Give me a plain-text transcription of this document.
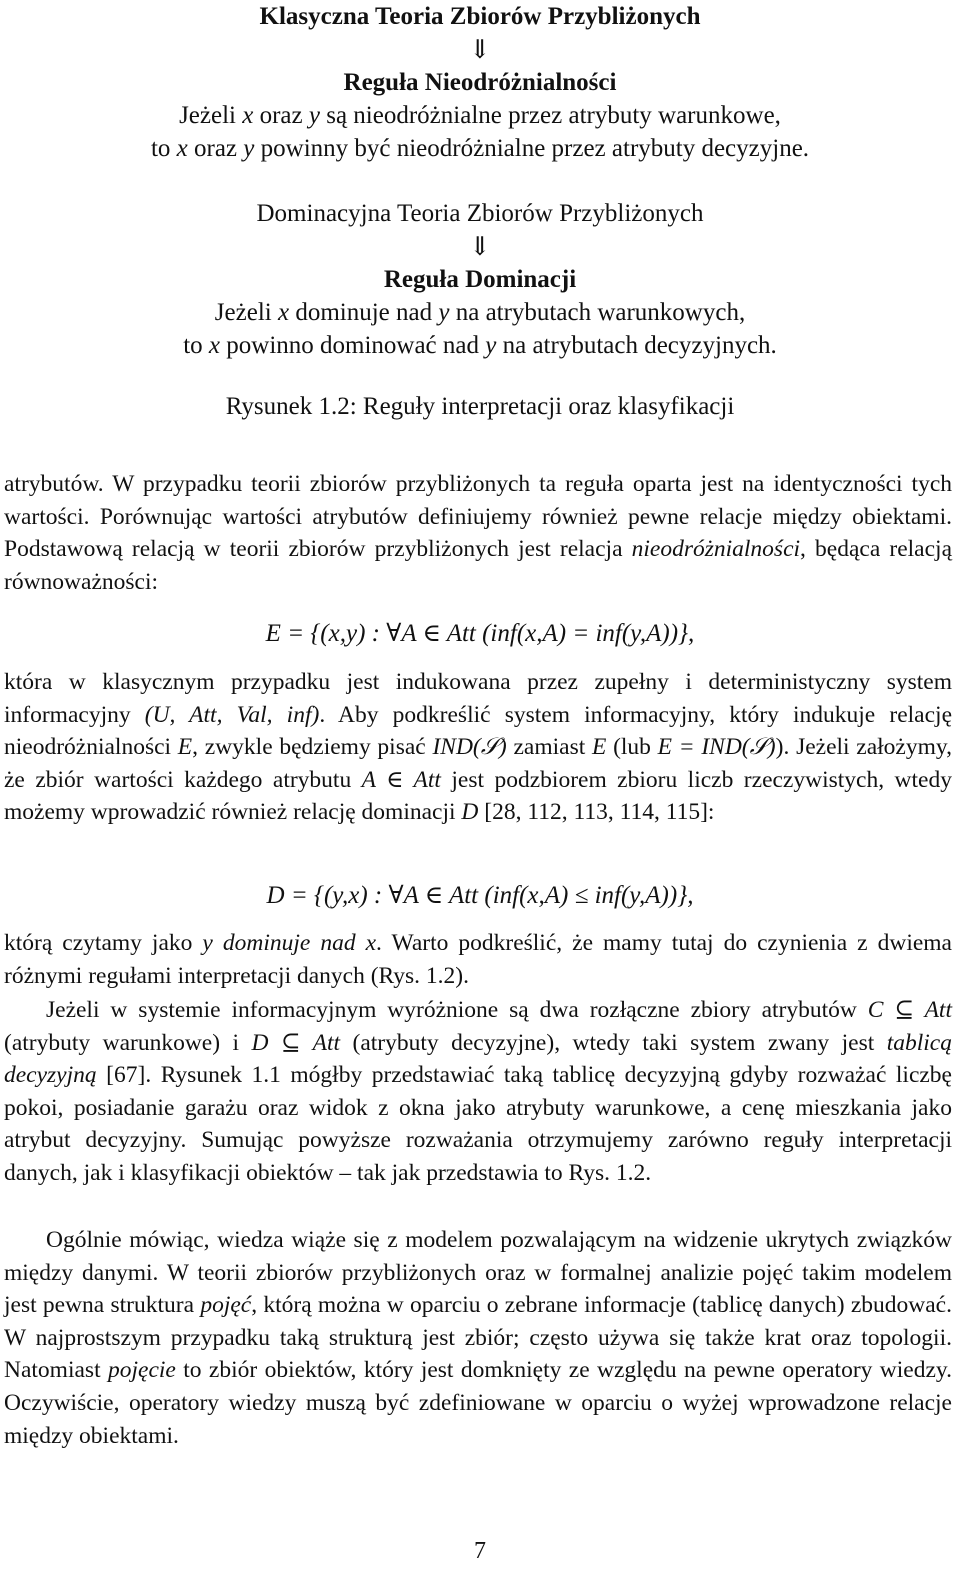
Klasyczna Teoria Zbiorów Przybliżonych

⇓

Reguła Nieodróżnialności

Jeżeli x oraz y są nieodróżnialne przez atrybuty warunkowe,

to x oraz y powinny być nieodróżnialne przez atrybuty decyzyjne.

Dominacyjna Teoria Zbiorów Przybliżonych

⇓

Reguła Dominacji

Jeżeli x dominuje nad y na atrybutach warunkowych,

to x powinno dominować nad y na atrybutach decyzyjnych.

Rysunek 1.2: Reguły interpretacji oraz klasyfikacji

atrybutów. W przypadku teorii zbiorów przybliżonych ta reguła oparta jest na identyczności tych wartości. Porównując wartości atrybutów definiujemy również pewne relacje między obiektami. Podstawową relacją w teorii zbiorów przybliżonych jest relacja nieodróżnialności, będąca relacją równoważności:

E = {(x,y) : ∀A ∈ Att (inf(x,A) = inf(y,A))},

która w klasycznym przypadku jest indukowana przez zupełny i deterministyczny system informacyjny (U, Att, Val, inf). Aby podkreślić system informacyjny, który indukuje relację nieodróżnialności E, zwykle będziemy pisać IND(𝒮) zamiast E (lub E = IND(𝒮)). Jeżeli założymy, że zbiór wartości każdego atrybutu A ∈ Att jest podzbiorem zbioru liczb rzeczywistych, wtedy możemy wprowadzić również relację dominacji D [28, 112, 113, 114, 115]:

D = {(y,x) : ∀A ∈ Att (inf(x,A) ≤ inf(y,A))},

którą czytamy jako y dominuje nad x. Warto podkreślić, że mamy tutaj do czynienia z dwiema różnymi regułami interpretacji danych (Rys. 1.2).

Jeżeli w systemie informacyjnym wyróżnione są dwa rozłączne zbiory atrybutów C ⊆ Att (atrybuty warunkowe) i D ⊆ Att (atrybuty decyzyjne), wtedy taki system zwany jest tablicą decyzyjną [67]. Rysunek 1.1 mógłby przedstawiać taką tablicę decyzyjną gdyby rozważać liczbę pokoi, posiadanie garażu oraz widok z okna jako atrybuty warunkowe, a cenę mieszkania jako atrybut decyzyjny. Sumując powyższe rozważania otrzymujemy zarówno reguły interpretacji danych, jak i klasyfikacji obiektów – tak jak przedstawia to Rys. 1.2.

Ogólnie mówiąc, wiedza wiąże się z modelem pozwalającym na widzenie ukrytych związków między danymi. W teorii zbiorów przybliżonych oraz w formalnej analizie pojęć takim modelem jest pewna struktura pojęć, którą można w oparciu o zebrane informacje (tablicę danych) zbudować. W najprostszym przypadku taką strukturą jest zbiór; często używa się także krat oraz topologii. Natomiast pojęcie to zbiór obiektów, który jest domknięty ze względu na pewne operatory wiedzy. Oczywiście, operatory wiedzy muszą być zdefiniowane w oparciu o wyżej wprowadzone relacje między obiektami.

7
